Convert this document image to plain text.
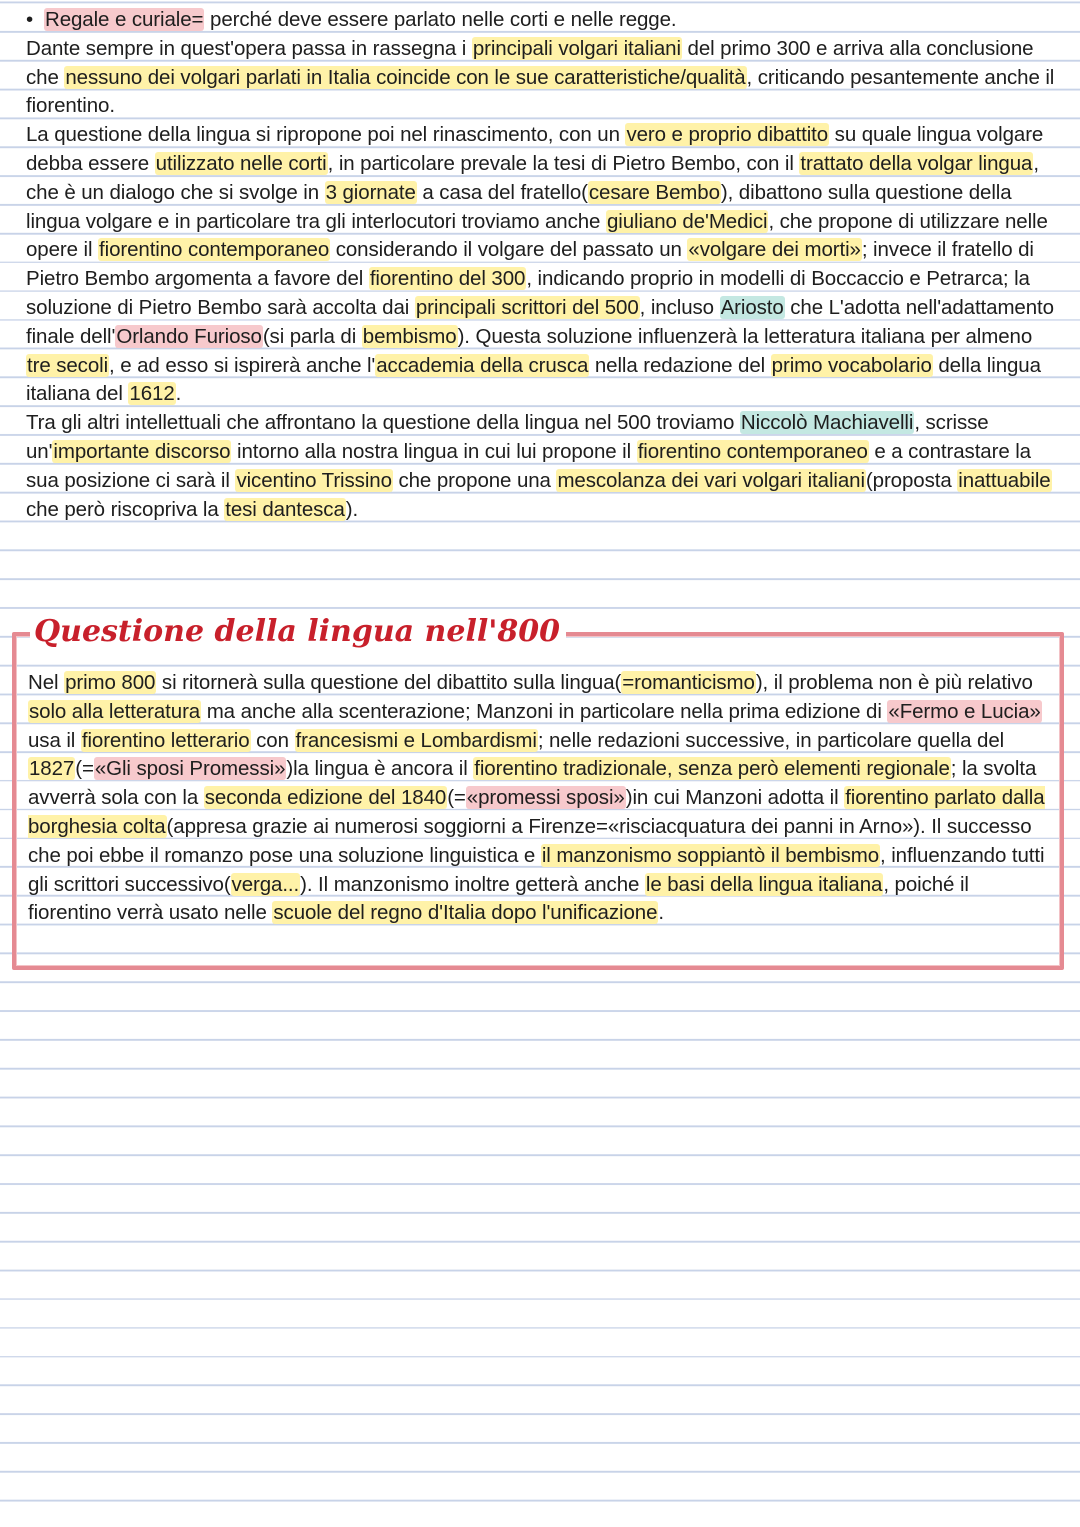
• Regale e curiale= perché deve essere parlato nelle corti e nelle regge.
Dante sempre in quest'opera passa in rassegna i principali volgari italiani del primo 300 e arriva alla conclusione che nessuno dei volgari parlati in Italia coincide con le sue caratteristiche/qualità, criticando pesantemente anche il fiorentino.
La questione della lingua si ripropone poi nel rinascimento, con un vero e proprio dibattito su quale lingua volgare debba essere utilizzato nelle corti, in particolare prevale la tesi di Pietro Bembo, con il trattato della volgar lingua, che è un dialogo che si svolge in 3 giornate a casa del fratello(cesare Bembo), dibattono sulla questione della lingua volgare e in particolare tra gli interlocutori troviamo anche giuliano de'Medici, che propone di utilizzare nelle opere il fiorentino contemporaneo considerando il volgare del passato un «volgare dei morti»; invece il fratello di Pietro Bembo argomenta a favore del fiorentino del 300, indicando proprio in modelli di Boccaccio e Petrarca; la soluzione di Pietro Bembo sarà accolta dai principali scrittori del 500, incluso Ariosto che L'adotta nell'adattamento finale dell'Orlando Furioso(si parla di bembismo). Questa soluzione influenzerà la letteratura italiana per almeno tre secoli, e ad esso si ispirerà anche l'accademia della crusca nella redazione del primo vocabolario della lingua italiana del 1612.
Tra gli altri intellettuali che affrontano la questione della lingua nel 500 troviamo Niccolò Machiavelli, scrisse un'importante discorso intorno alla nostra lingua in cui lui propone il fiorentino contemporaneo e a contrastare la sua posizione ci sarà il vicentino Trissino che propone una mescolanza dei vari volgari italiani(proposta inattuabile che però riscopriva la tesi dantesca).
Questione della lingua nell'800
Nel primo 800 si ritornerà sulla questione del dibattito sulla lingua(=romanticismo), il problema non è più relativo solo alla letteratura ma anche alla scenterazione; Manzoni in particolare nella prima edizione di «Fermo e Lucia» usa il fiorentino letterario con francesismi e Lombardismi; nelle redazioni successive, in particolare quella del 1827(=«Gli sposi Promessi»)la lingua è ancora il fiorentino tradizionale, senza però elementi regionale; la svolta avverrà sola con la seconda edizione del 1840(=«promessi sposi»)in cui Manzoni adotta il fiorentino parlato dalla borghesia colta(appresa grazie ai numerosi soggiorni a Firenze=«risciacquatura dei panni in Arno»). Il successo che poi ebbe il romanzo pose una soluzione linguistica e il manzonismo soppiantò il bembismo, influenzando tutti gli scrittori successivo(verga...). Il manzonismo inoltre getterà anche le basi della lingua italiana, poiché il fiorentino verrà usato nelle scuole del regno d'Italia dopo l'unificazione.
